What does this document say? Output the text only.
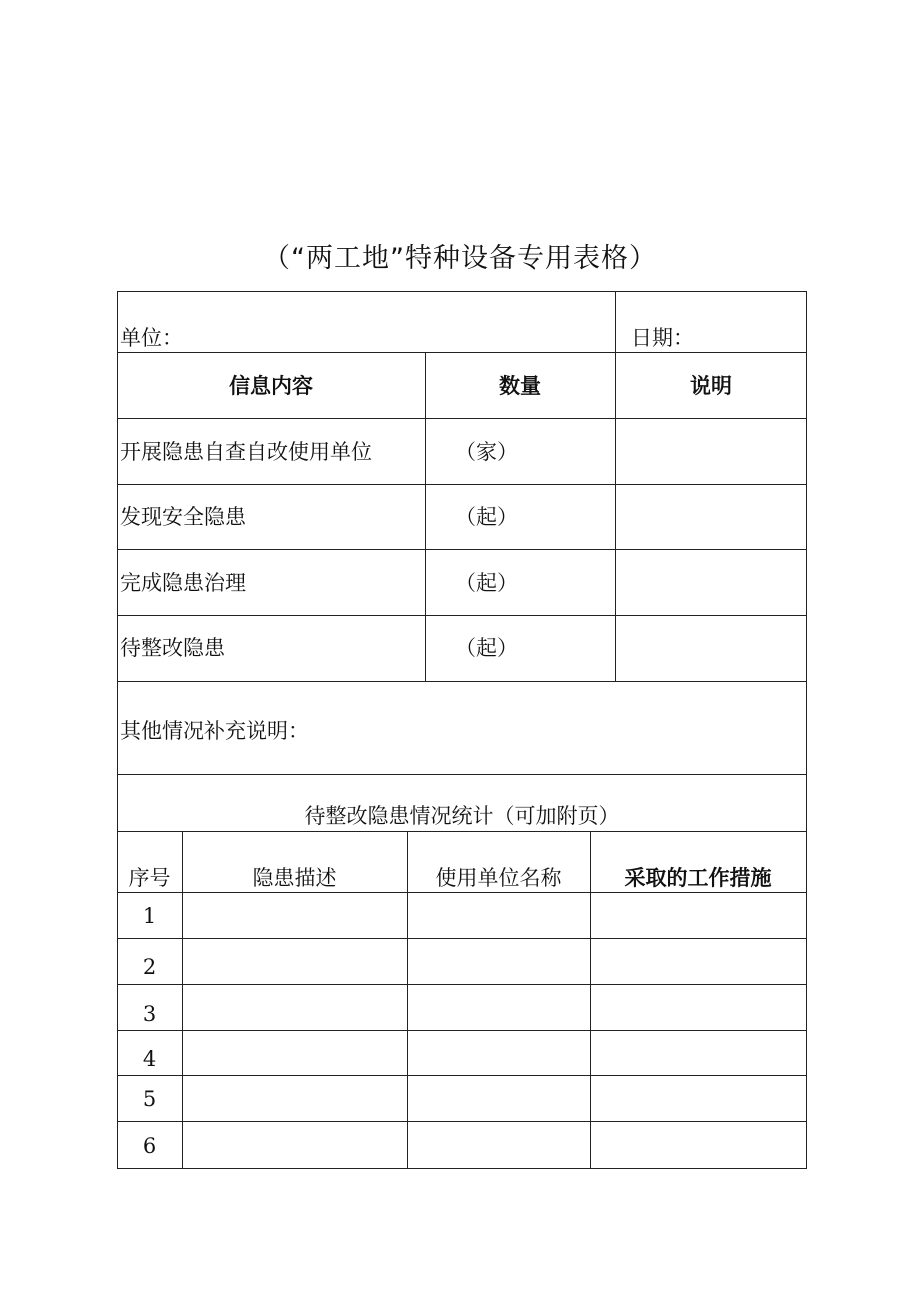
（“两工地”特种设备专用表格）
单位：	日期：
信息内容	数量	说明
开展隐患自查自改使用单位	（家）
发现安全隐患	（起）
完成隐患治理	（起）
待整改隐患	（起）
其他情况补充说明：
待整改隐患情况统计（可加附页）
序号	隐患描述	使用单位名称	采取的工作措施
1
2
3
4
5
6
